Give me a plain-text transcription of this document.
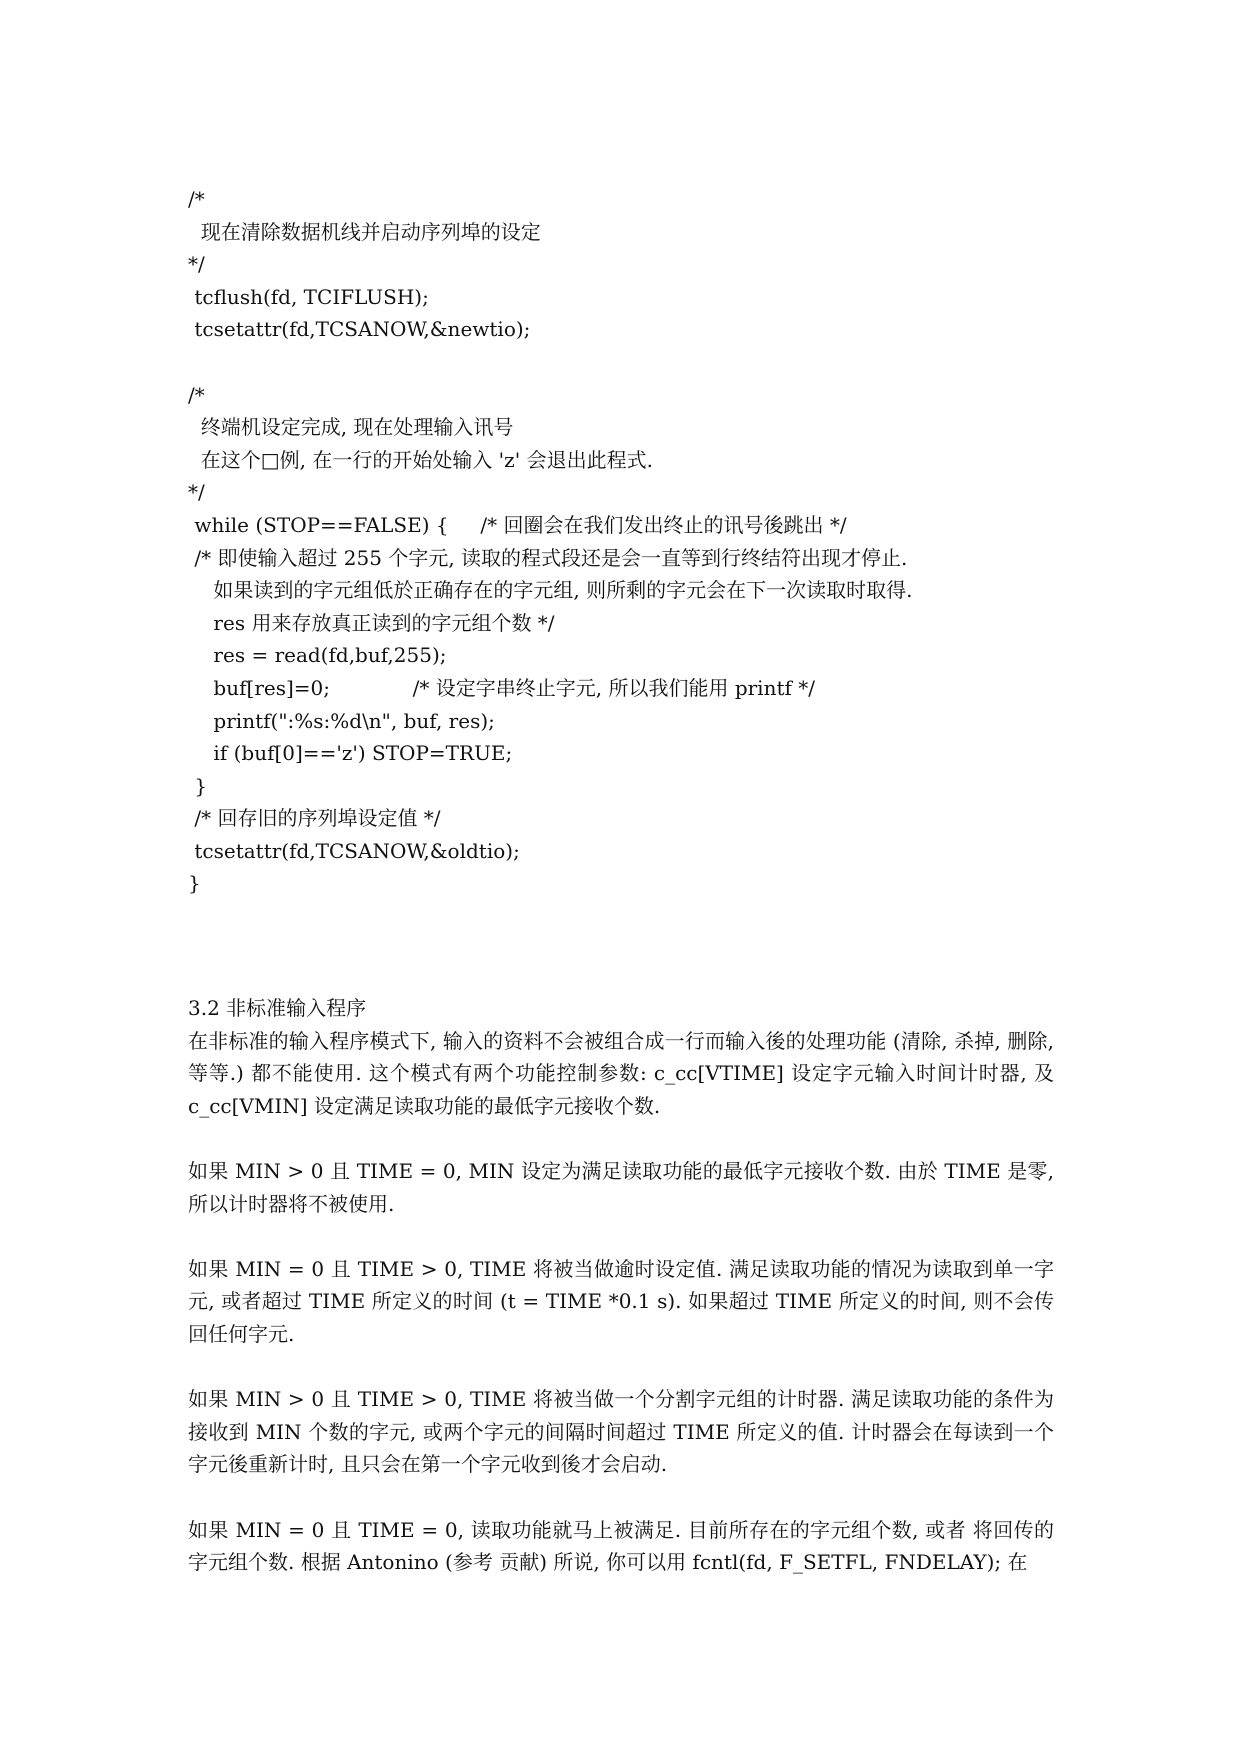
/*
现在清除数据机线并启动序列埠的设定
*/
tcflush(fd, TCIFLUSH);
tcsetattr(fd,TCSANOW,&newtio);
/*
终端机设定完成, 现在处理输入讯号
在这个□例, 在一行的开始处输入 'z' 会退出此程式.
*/
while (STOP==FALSE) {     /* 回圈会在我们发出终止的讯号後跳出 */
/* 即使输入超过 255 个字元, 读取的程式段还是会一直等到行终结符出现才停止.
如果读到的字元组低於正确存在的字元组, 则所剩的字元会在下一次读取时取得.
res 用来存放真正读到的字元组个数 */
res = read(fd,buf,255);
buf[res]=0;             /* 设定字串终止字元, 所以我们能用 printf */
printf(":%s:%d\n", buf, res);
if (buf[0]=='z') STOP=TRUE;
}
/* 回存旧的序列埠设定值 */
tcsetattr(fd,TCSANOW,&oldtio);
}
3.2 非标准输入程序

在非标准的输入程序模式下, 输入的资料不会被组合成一行而输入後的处理功能 (清除, 杀掉, 删除, 等等.) 都不能使用. 这个模式有两个功能控制参数: c_cc[VTIME] 设定字元输入时间计时器, 及 c_cc[VMIN] 设定满足读取功能的最低字元接收个数.

如果 MIN > 0 且 TIME = 0, MIN 设定为满足读取功能的最低字元接收个数. 由於 TIME 是零, 所以计时器将不被使用.

如果 MIN = 0 且 TIME > 0, TIME 将被当做逾时设定值. 满足读取功能的情况为读取到单一字元, 或者超过 TIME 所定义的时间 (t = TIME *0.1 s). 如果超过 TIME 所定义的时间, 则不会传回任何字元.

如果 MIN > 0 且 TIME > 0, TIME 将被当做一个分割字元组的计时器. 满足读取功能的条件为 接收到 MIN 个数的字元, 或两个字元的间隔时间超过 TIME 所定义的值. 计时器会在每读到一个字元後重新计时, 且只会在第一个字元收到後才会启动.

如果 MIN = 0 且 TIME = 0, 读取功能就马上被满足. 目前所存在的字元组个数, 或者 将回传的字元组个数. 根据 Antonino (参考 贡献) 所说, 你可以用 fcntl(fd, F_SETFL, FNDELAY); 在
